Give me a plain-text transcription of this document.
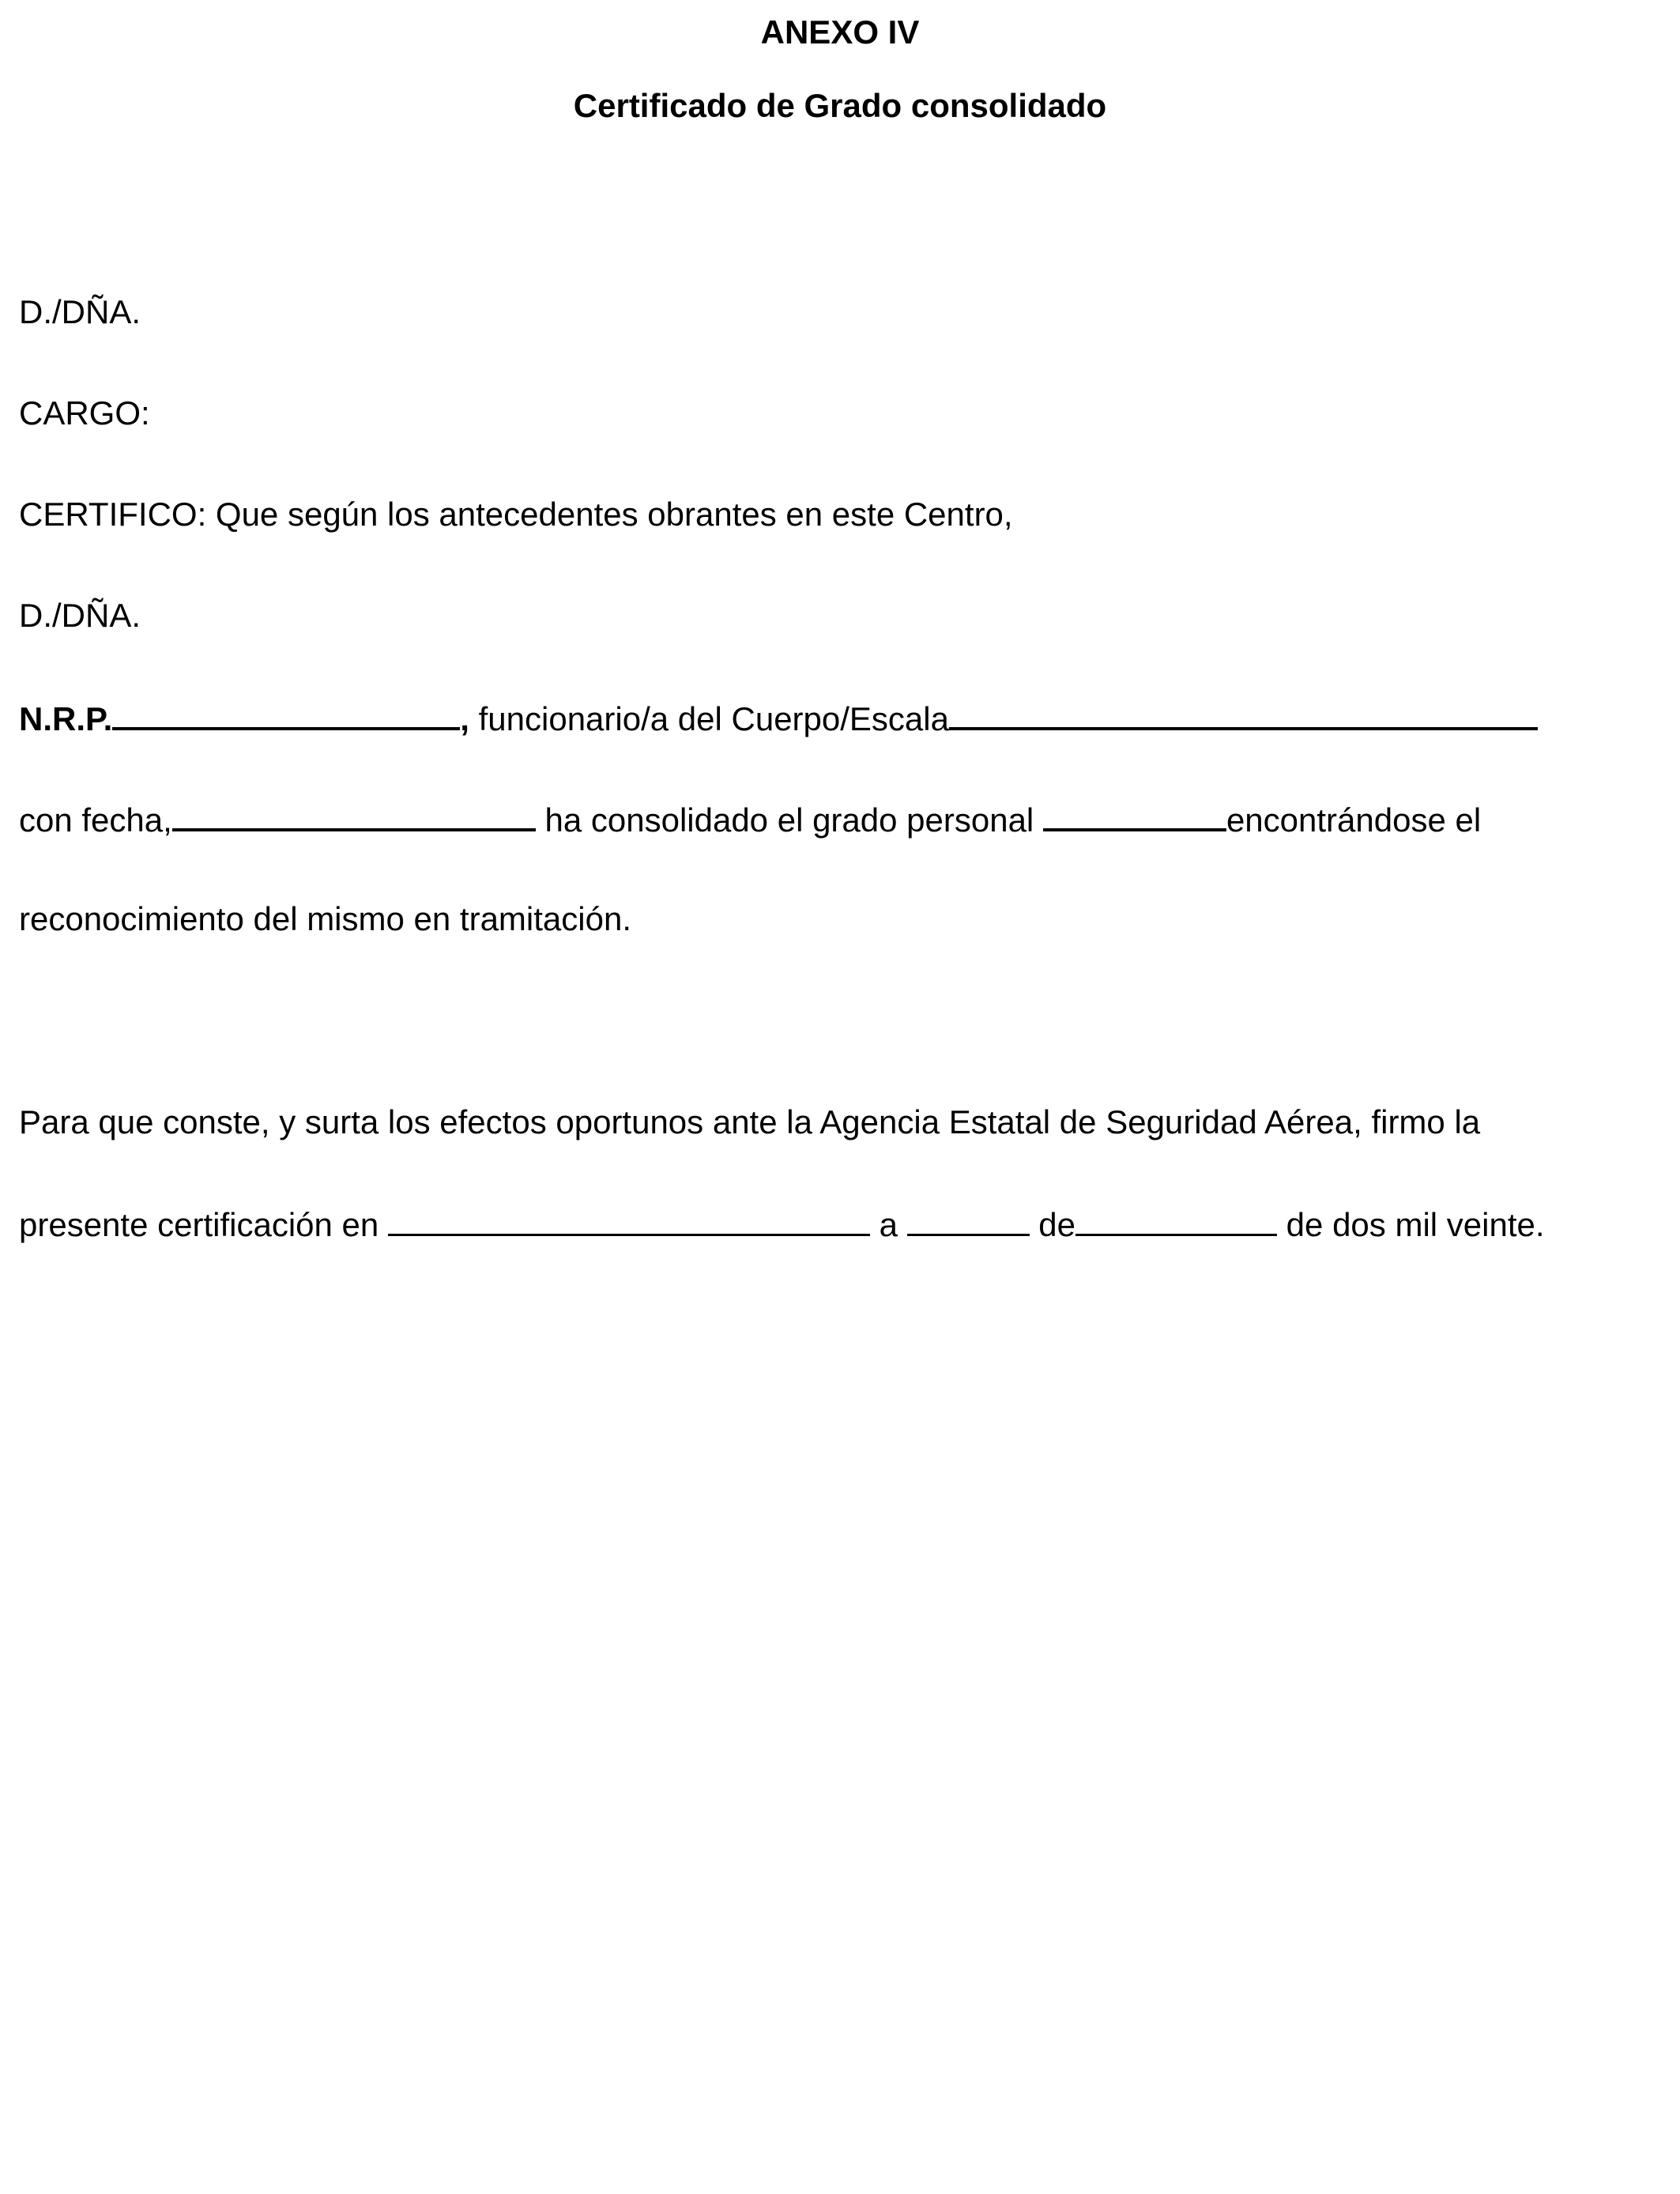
ANEXO IV
Certificado de Grado consolidado
D./DÑA.
CARGO:
CERTIFICO: Que según los antecedentes obrantes en este Centro,
D./DÑA.
N.R.P.	, funcionario/a del Cuerpo/Escala
con fecha,	ha consolidado el grado personal	encontrándose el
reconocimiento del mismo en tramitación.
Para que conste, y surta los efectos oportunos ante la Agencia Estatal de Seguridad Aérea, firmo la
presente certificación en	a	de	de dos mil veinte.
